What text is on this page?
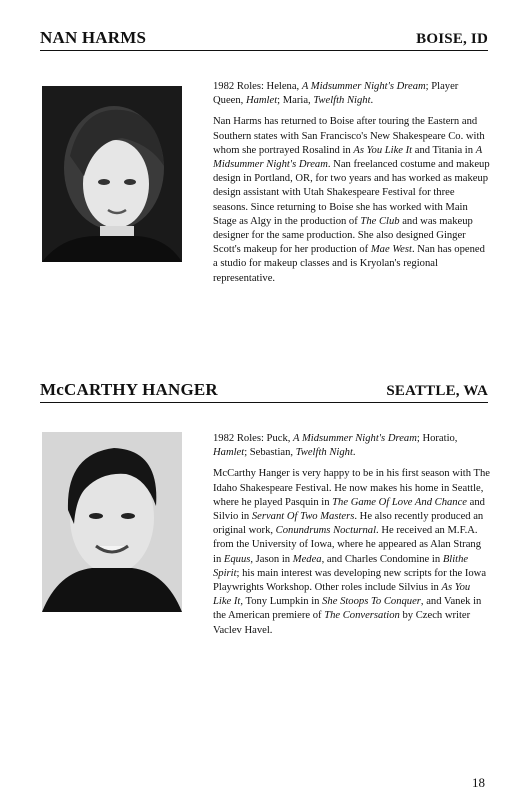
NAN HARMS	BOISE, ID

1982 Roles: Helena, A Midsummer Night's Dream; Player Queen, Hamlet; Maria, Twelfth Night.

Nan Harms has returned to Boise after touring the Eastern and Southern states with San Francisco's New Shakespeare Co. with whom she portrayed Rosalind in As You Like It and Titania in A Midsummer Night's Dream. Nan freelanced costume and makeup design in Portland, OR, for two years and has worked as makeup design assistant with Utah Shakespeare Festival for three seasons. Since returning to Boise she has worked with Main Stage as Algy in the production of The Club and was makeup designer for the same production. She also designed Ginger Scott's makeup for her production of Mae West. Nan has opened a studio for makeup classes and is Kryolan's regional representative.

McCARTHY HANGER	SEATTLE, WA

1982 Roles: Puck, A Midsummer Night's Dream; Horatio, Hamlet; Sebastian, Twelfth Night.

McCarthy Hanger is very happy to be in his first season with The Idaho Shakespeare Festival. He now makes his home in Seattle, where he played Pasquin in The Game Of Love And Chance and Silvio in Servant Of Two Masters. He also recently produced an original work, Conundrums Nocturnal. He received an M.F.A. from the University of Iowa, where he appeared as Alan Strang in Equus, Jason in Medea, and Charles Condomine in Blithe Spirit; his main interest was developing new scripts for the Iowa Playwrights Workshop. Other roles include Silvius in As You Like It, Tony Lumpkin in She Stoops To Conquer, and Vanek in the American premiere of The Conversation by Czech writer Vaclev Havel.

18
